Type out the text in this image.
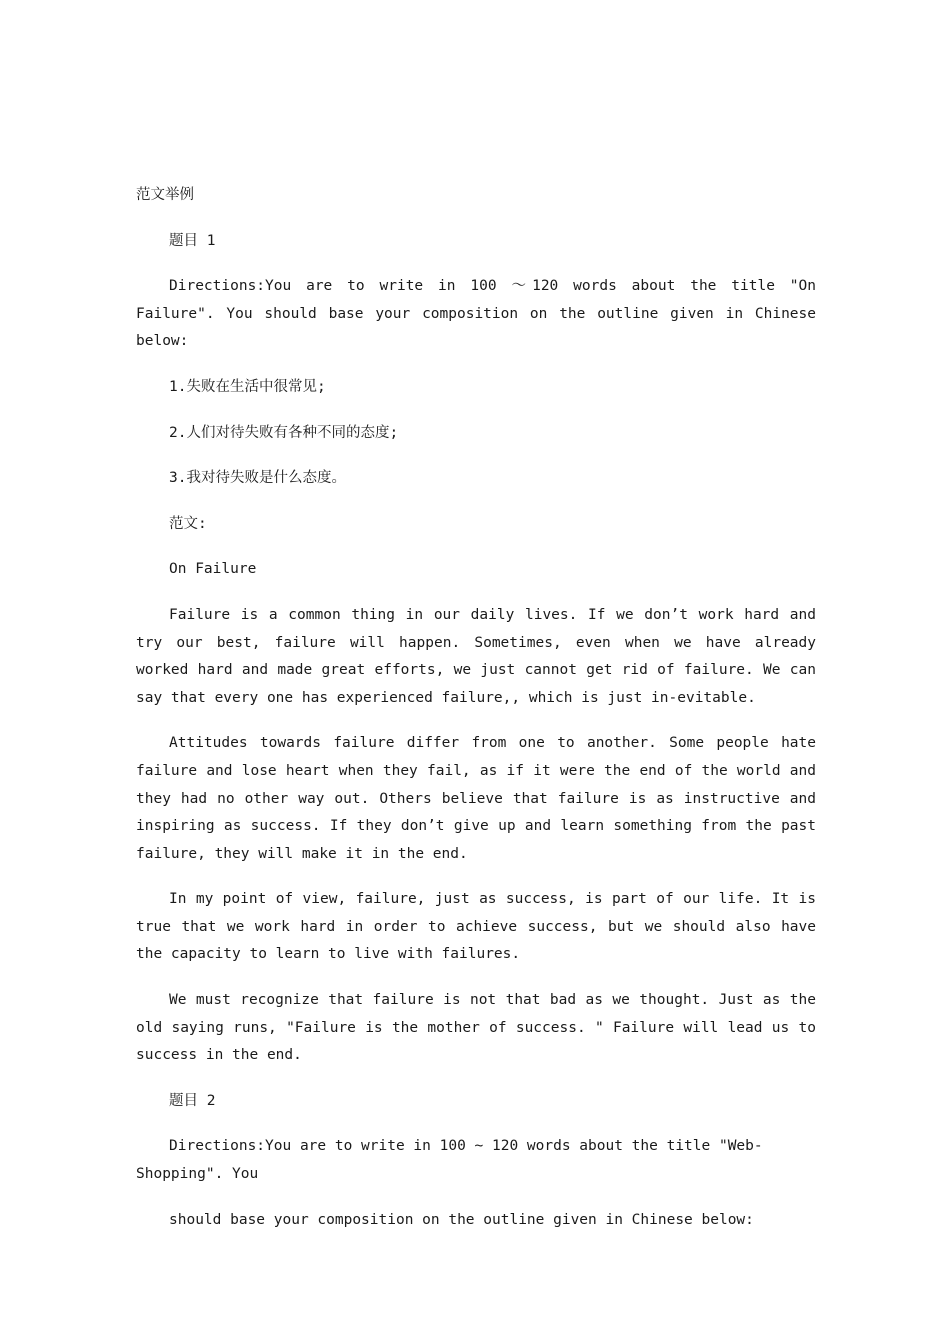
范文举例

题目 1

Directions:You are to write in 100 ～120 words about the title "On Failure". You should base your composition on the outline given in Chinese below:

1.失败在生活中很常见;

2.人们对待失败有各种不同的态度;

3.我对待失败是什么态度。

范文:

On Failure

Failure is a common thing in our daily lives. If we don’t work hard and try our best, failure will happen. Sometimes, even when we have already worked hard and made great efforts, we just cannot get rid of failure. We can say that every one has experienced failure,, which is just in-evitable.

Attitudes towards failure differ from one to another. Some people hate failure and lose heart when they fail, as if it were the end of the world and they had no other way out. Others believe that failure is as instructive and inspiring as success. If they don’t give up and learn something from the past failure, they will make it in the end.

In my point of view, failure, just as success, is part of our life. It is true that we work hard in order to achieve success, but we should also have the capacity to learn to live with failures.

We must recognize that failure is not that bad as we thought. Just as the old saying runs, "Failure is the mother of success. " Failure will lead us to success in the end.

题目 2

Directions:You are to write in 100 ~ 120 words about the title "Web-Shopping". You

should base your composition on the outline given in Chinese below:
